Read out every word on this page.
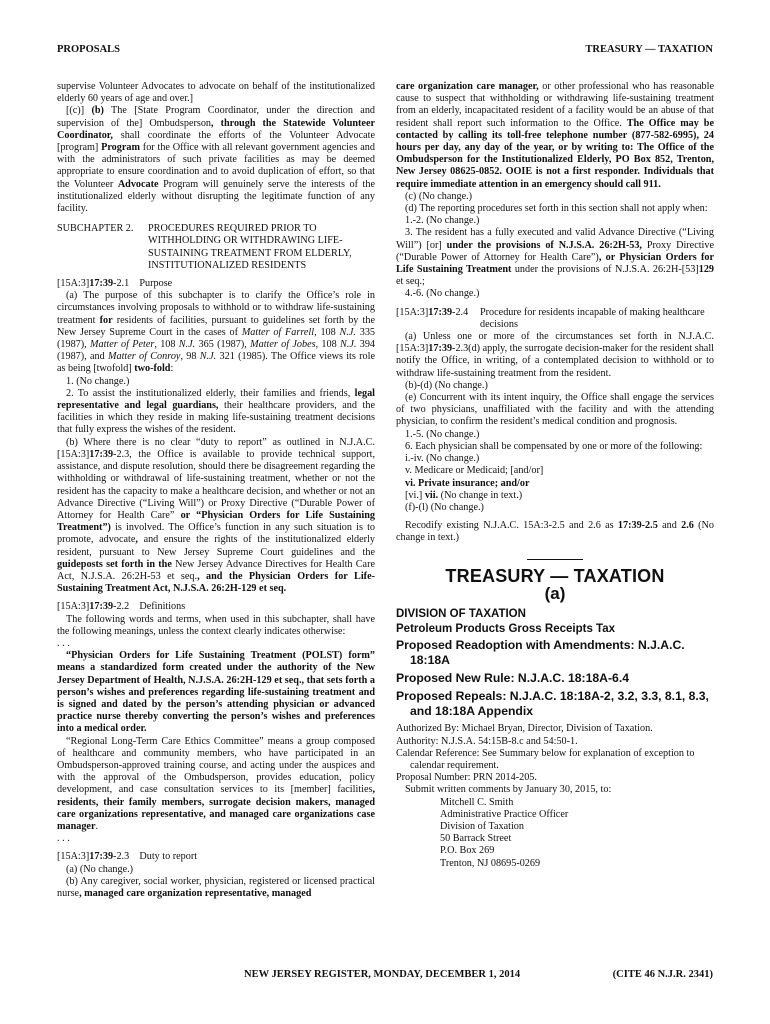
PROPOSALS	TREASURY — TAXATION

supervise Volunteer Advocates to advocate on behalf of the institutionalized elderly 60 years of age and over.]

[(c)] (b) The [State Program Coordinator, under the direction and supervision of the] Ombudsperson, through the Statewide Volunteer Coordinator, shall coordinate the efforts of the Volunteer Advocate [program] Program for the Office with all relevant government agencies and with the administrators of such private facilities as may be deemed appropriate to ensure coordination and to avoid duplication of effort, so that the Volunteer Advocate Program will genuinely serve the interests of the institutionalized elderly without disrupting the legitimate function of any facility.

SUBCHAPTER 2.	PROCEDURES REQUIRED PRIOR TO WITHHOLDING OR WITHDRAWING LIFE-SUSTAINING TREATMENT FROM ELDERLY, INSTITUTIONALIZED RESIDENTS

[15A:3]17:39-2.1 Purpose

(a) The purpose of this subchapter is to clarify the Office’s role in circumstances involving proposals to withhold or to withdraw life-sustaining treatment for residents of facilities, pursuant to guidelines set forth by the New Jersey Supreme Court in the cases of Matter of Farrell, 108 N.J. 335 (1987), Matter of Peter, 108 N.J. 365 (1987), Matter of Jobes, 108 N.J. 394 (1987), and Matter of Conroy, 98 N.J. 321 (1985). The Office views its role as being [twofold] two-fold:

1. (No change.)

2. To assist the institutionalized elderly, their families and friends, legal representative and legal guardians, their healthcare providers, and the facilities in which they reside in making life-sustaining treatment decisions that fully express the wishes of the resident.

(b) Where there is no clear “duty to report” as outlined in N.J.A.C. [15A:3]17:39-2.3, the Office is available to provide technical support, assistance, and dispute resolution, should there be disagreement regarding the withholding or withdrawal of life-sustaining treatment, whether or not the resident has the capacity to make a healthcare decision, and whether or not an Advance Directive (“Living Will”) or Proxy Directive (“Durable Power of Attorney for Health Care” or “Physician Orders for Life Sustaining Treatment”) is involved. The Office’s function in any such situation is to promote, advocate, and ensure the rights of the institutionalized elderly resident, pursuant to New Jersey Supreme Court guidelines and the guideposts set forth in the New Jersey Advance Directives for Health Care Act, N.J.S.A. 26:2H-53 et seq., and the Physician Orders for Life-Sustaining Treatment Act, N.J.S.A. 26:2H-129 et seq.

[15A:3]17:39-2.2 Definitions

The following words and terms, when used in this subchapter, shall have the following meanings, unless the context clearly indicates otherwise:

. . .

“Physician Orders for Life Sustaining Treatment (POLST) form” means a standardized form created under the authority of the New Jersey Department of Health, N.J.S.A. 26:2H-129 et seq., that sets forth a person’s wishes and preferences regarding life-sustaining treatment and is signed and dated by the person’s attending physician or advanced practice nurse thereby converting the person’s wishes and preferences into a medical order.

“Regional Long-Term Care Ethics Committee” means a group composed of healthcare and community members, who have participated in an Ombudsperson-approved training course, and acting under the auspices and with the approval of the Ombudsperson, provides education, policy development, and case consultation services to its [member] facilities, residents, their family members, surrogate decision makers, managed care organizations representative, and managed care organizations case manager.

. . .

[15A:3]17:39-2.3 Duty to report

(a) (No change.)

(b) Any caregiver, social worker, physician, registered or licensed practical nurse, managed care organization representative, managed

care organization care manager, or other professional who has reasonable cause to suspect that withholding or withdrawing life-sustaining treatment from an elderly, incapacitated resident of a facility would be an abuse of that resident shall report such information to the Office. The Office may be contacted by calling its toll-free telephone number (877-582-6995), 24 hours per day, any day of the year, or by writing to: The Office of the Ombudsperson for the Institutionalized Elderly, PO Box 852, Trenton, New Jersey 08625-0852. OOIE is not a first responder. Individuals that require immediate attention in an emergency should call 911.

(c) (No change.)

(d) The reporting procedures set forth in this section shall not apply when:

1.-2. (No change.)

3. The resident has a fully executed and valid Advance Directive (“Living Will”) [or] under the provisions of N.J.S.A. 26:2H-53, Proxy Directive (“Durable Power of Attorney for Health Care”), or Physician Orders for Life Sustaining Treatment under the provisions of N.J.S.A. 26:2H-[53]129 et seq.;

4.-6. (No change.)

[15A:3]17:39-2.4	Procedure for residents incapable of making healthcare decisions

(a) Unless one or more of the circumstances set forth in N.J.A.C. [15A:3]17:39-2.3(d) apply, the surrogate decision-maker for the resident shall notify the Office, in writing, of a contemplated decision to withhold or to withdraw life-sustaining treatment from the resident.

(b)-(d) (No change.)

(e) Concurrent with its intent inquiry, the Office shall engage the services of two physicians, unaffiliated with the facility and with the attending physician, to confirm the resident’s medical condition and prognosis.

1.-5. (No change.)

6. Each physician shall be compensated by one or more of the following:

i.-iv. (No change.)

v. Medicare or Medicaid; [and/or]

vi. Private insurance; and/or

[vi.] vii. (No change in text.)

(f)-(l) (No change.)

Recodify existing N.J.A.C. 15A:3-2.5 and 2.6 as 17:39-2.5 and 2.6 (No change in text.)

TREASURY — TAXATION
(a)
DIVISION OF TAXATION
Petroleum Products Gross Receipts Tax
Proposed Readoption with Amendments: N.J.A.C. 18:18A
Proposed New Rule: N.J.A.C. 18:18A-6.4
Proposed Repeals: N.J.A.C. 18:18A-2, 3.2, 3.3, 8.1, 8.3, and 18:18A Appendix

Authorized By: Michael Bryan, Director, Division of Taxation.

Authority: N.J.S.A. 54:15B-8.c and 54:50-1.

Calendar Reference: See Summary below for explanation of exception to calendar requirement.

Proposal Number: PRN 2014-205.

Submit written comments by January 30, 2015, to:

Mitchell C. Smith

Administrative Practice Officer

Division of Taxation

50 Barrack Street

P.O. Box 269

Trenton, NJ 08695-0269

NEW JERSEY REGISTER, MONDAY, DECEMBER 1, 2014	(CITE 46 N.J.R. 2341)
